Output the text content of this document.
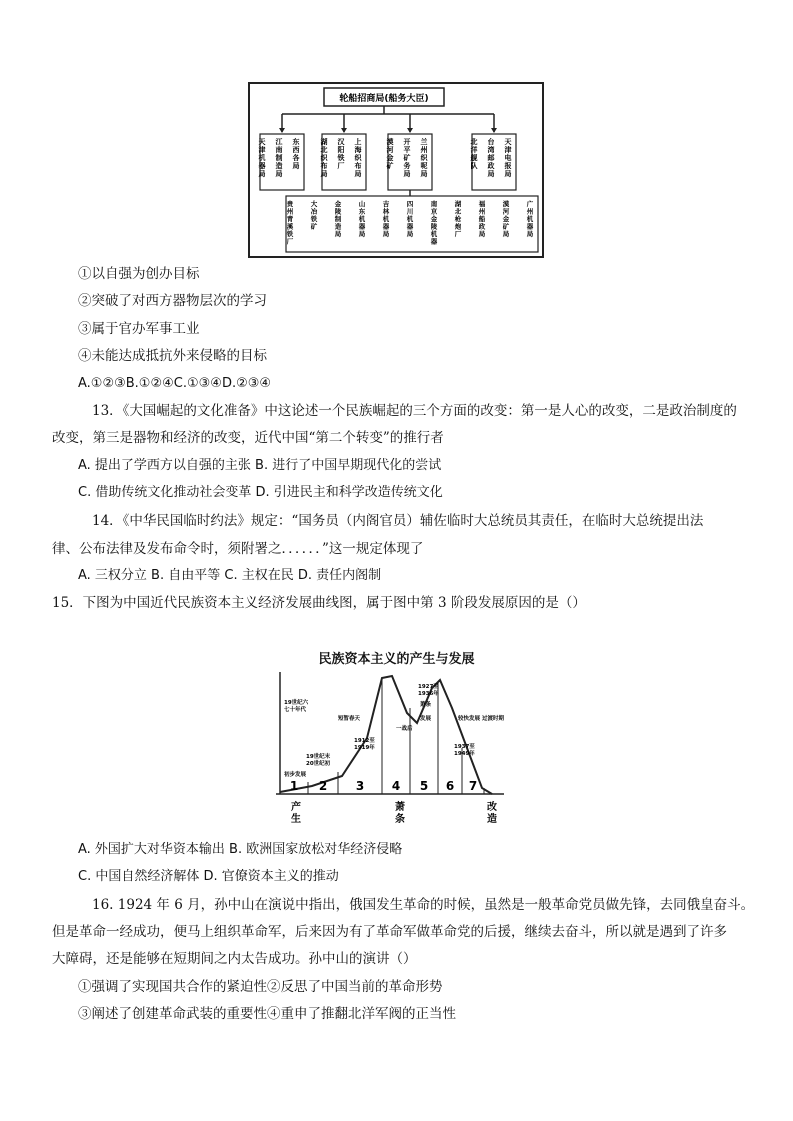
轮船招商局(船务大臣)
东
西
各
局
江
南
制
造
局
天
津
机
器
局
上
海
织
布
局
汉
阳
铁
厂
湖
北
织
布
局
兰
州
织
呢
局
开
平
矿
务
局
漠
河
金
矿
天
津
电
报
局
台
湾
邮
政
局
北
洋
舰
队
广
州
机
器
局
漠
河
金
矿
局
福
州
船
政
局
湖
北
枪
炮
厂
南
京
金
陵
机
器
四
川
机
器
局
吉
林
机
器
局
山
东
机
器
局
金
陵
制
造
局
大
冶
铁
矿
贵
州
青
溪
铁
厂
①以自强为创办目标
②突破了对西方器物层次的学习
③属于官办军事工业
④未能达成抵抗外来侵略的目标
A.①②③B.①②④C.①③④D.②③④
13．《大国崛起的文化准备》中这论述一个民族崛起的三个方面的改变：第一是人心的改变，二是政治制度的
改变，第三是器物和经济的改变，近代中国“第二个转变”的推行者
A. 提出了学西方以自强的主张 B. 进行了中国早期现代化的尝试
C. 借助传统文化推动社会变革 D. 引进民主和科学改造传统文化
14．《中华民国临时约法》规定：“国务员（内阁官员）辅佐临时大总统员其责任，在临时大总统提出法
律、公布法律及发布命令时，须附署之．．．．．．”这一规定体现了
A. 三权分立 B. 自由平等 C. 主权在民 D. 责任内阁制
15．下图为中国近代民族资本主义经济发展曲线图，属于图中第 3 阶段发展原因的是（）
民族资本主义的产生与发展
1 2 3 4 5 6 7
19世纪六
七十年代
19世纪末
20世纪初
短暂春天
1912至
1919年
一战后
1927至
1936年
较快发展
1937至
1949年
过渡时期
初步发展
发展
萧条
产
生
萧
条
改
造
A. 外国扩大对华资本输出 B. 欧洲国家放松对华经济侵略
C. 中国自然经济解体 D. 官僚资本主义的推动
16. 1924 年 6 月，孙中山在演说中指出，俄国发生革命的时候，虽然是一般革命党员做先锋，去同俄皇奋斗。
但是革命一经成功，便马上组织革命军，后来因为有了革命军做革命党的后援，继续去奋斗，所以就是遇到了许多
大障碍，还是能够在短期间之内太告成功。孙中山的演讲（）
①强调了实现国共合作的紧迫性②反思了中国当前的革命形势
③阐述了创建革命武装的重要性④重申了推翻北洋军阀的正当性
